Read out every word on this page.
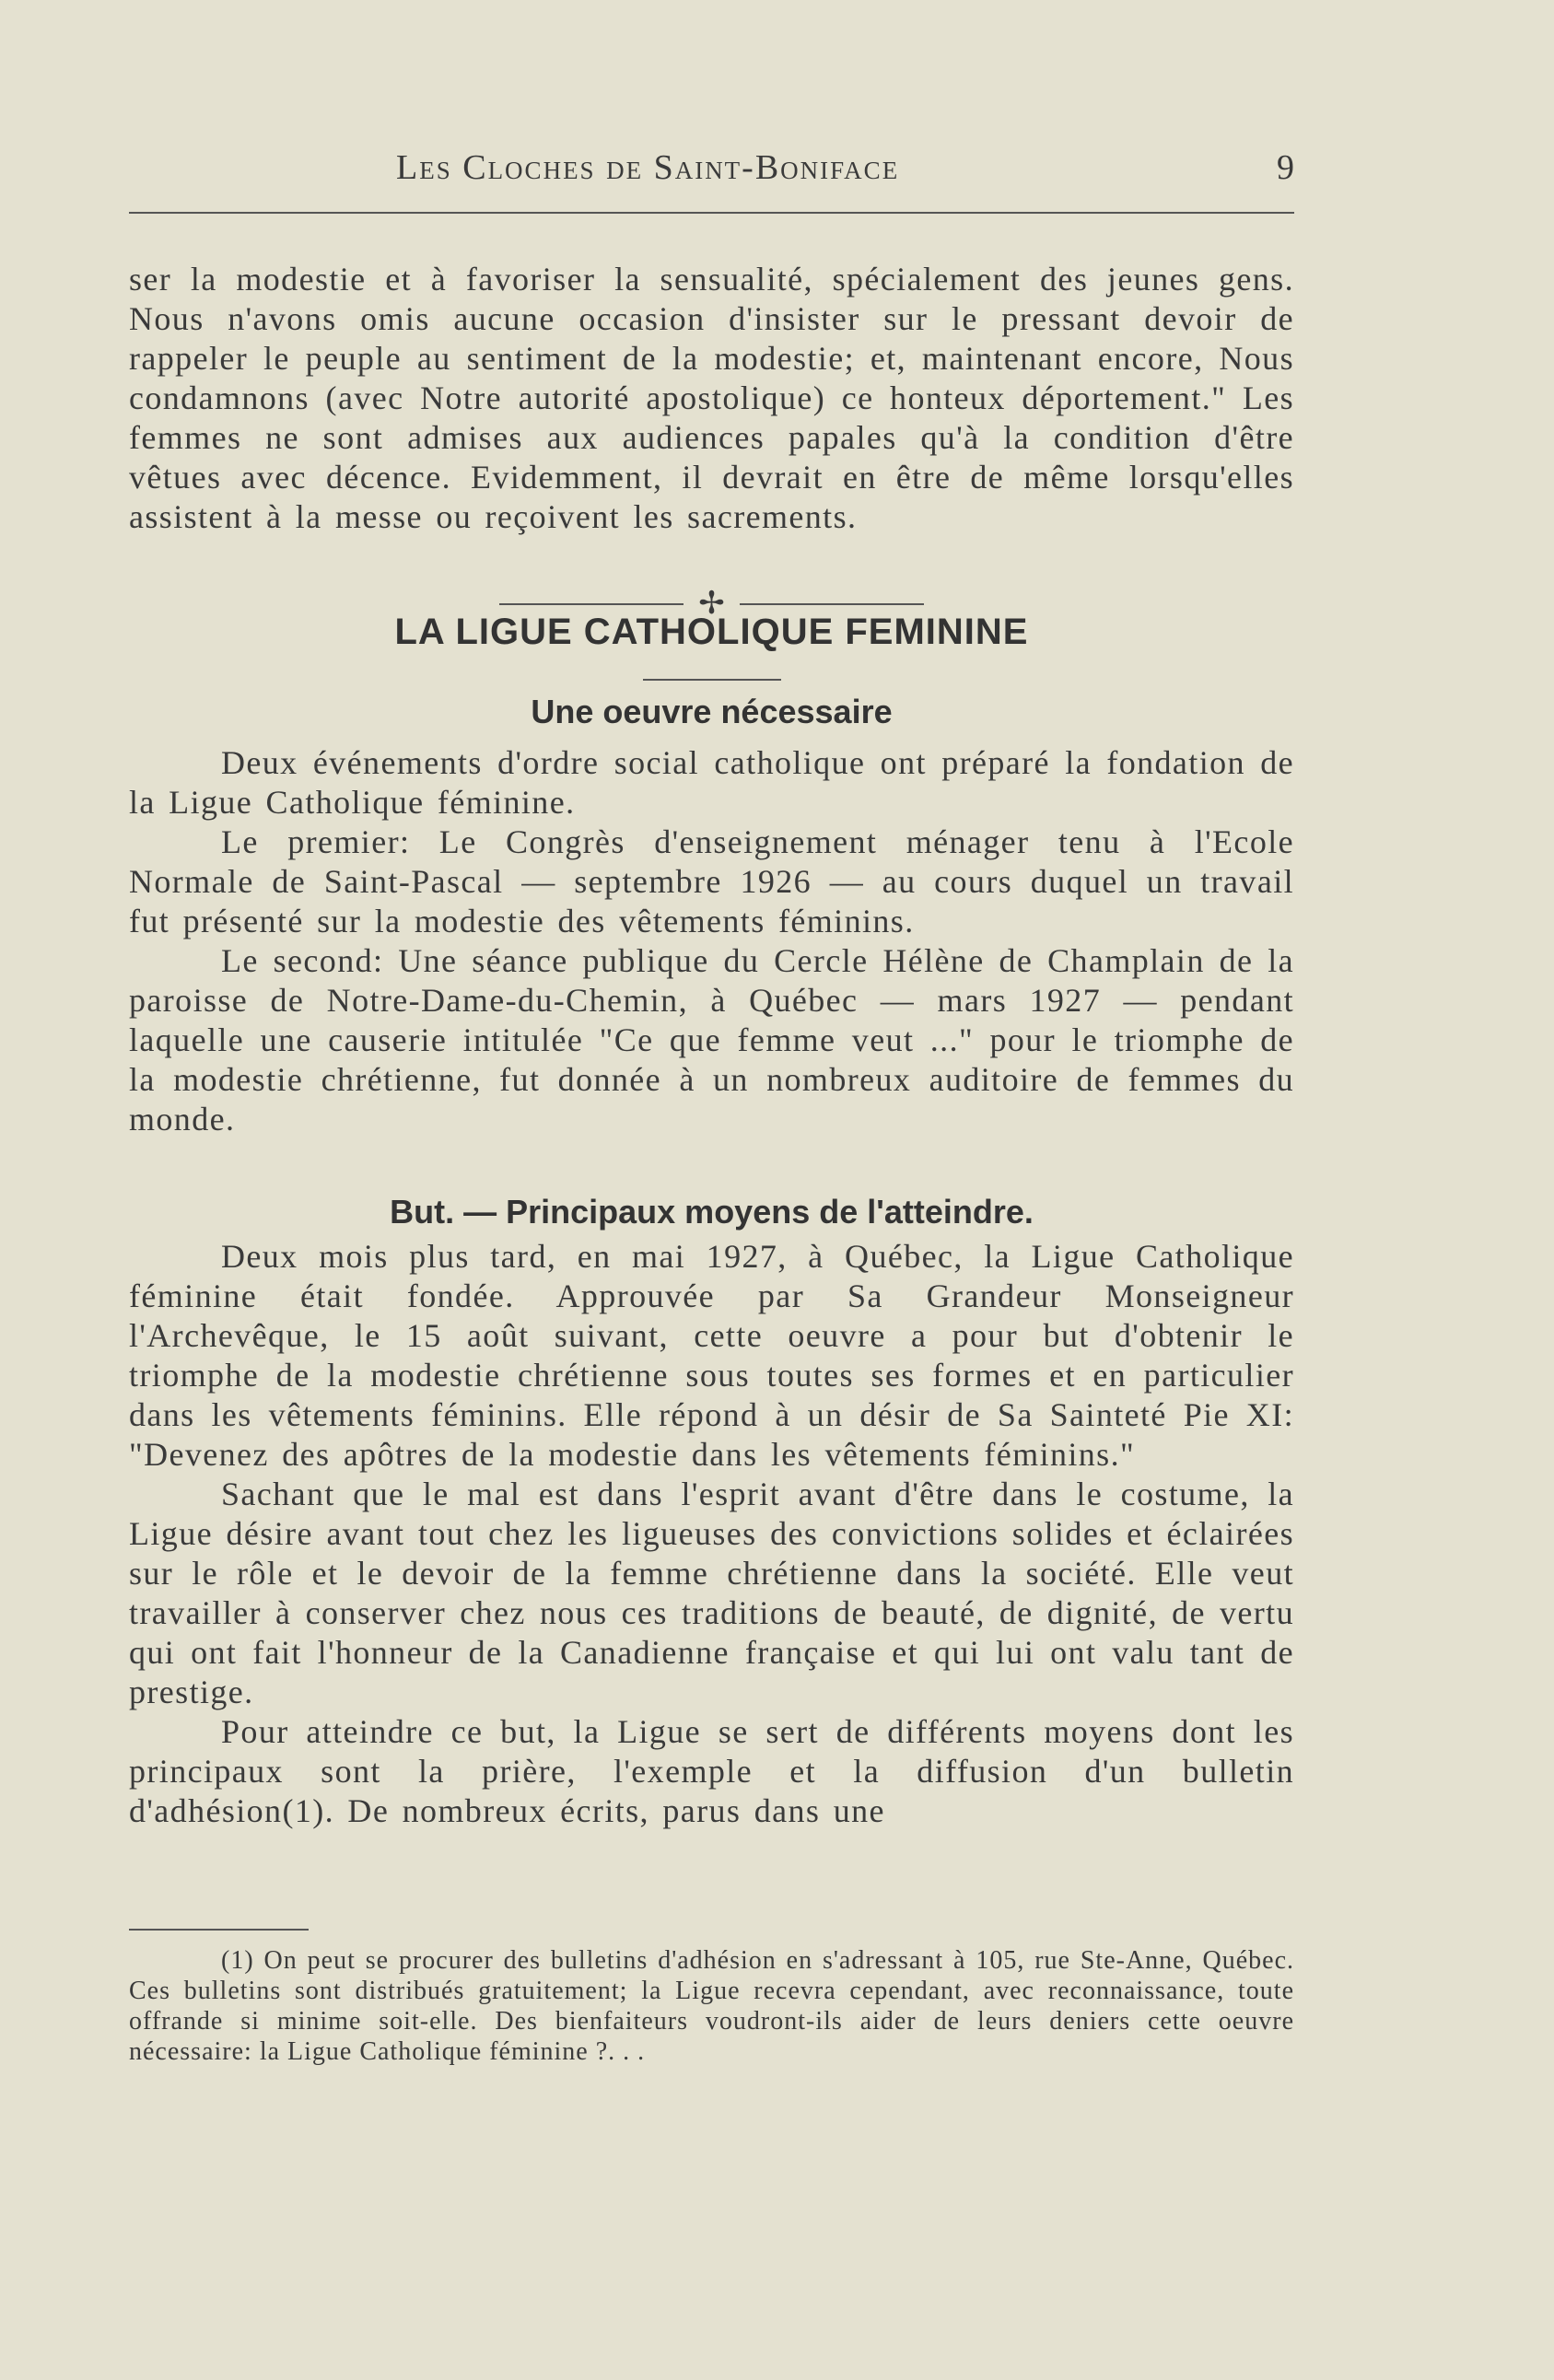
Les Cloches de Saint-Boniface	9

ser la modestie et à favoriser la sensualité, spécialement des jeunes gens. Nous n'avons omis aucune occasion d'insister sur le pressant devoir de rappeler le peuple au sentiment de la modestie; et, maintenant encore, Nous condamnons (avec Notre autorité apostolique) ce honteux déportement." Les femmes ne sont admises aux audiences papales qu'à la condition d'être vêtues avec décence. Evidemment, il devrait en être de même lorsqu'elles assistent à la messe ou reçoivent les sacrements.

✢
LA LIGUE CATHOLIQUE FEMININE
Une oeuvre nécessaire

Deux événements d'ordre social catholique ont préparé la fondation de la Ligue Catholique féminine.

Le premier: Le Congrès d'enseignement ménager tenu à l'Ecole Normale de Saint-Pascal — septembre 1926 — au cours duquel un travail fut présenté sur la modestie des vêtements féminins.

Le second: Une séance publique du Cercle Hélène de Champlain de la paroisse de Notre-Dame-du-Chemin, à Québec — mars 1927 — pendant laquelle une causerie intitulée "Ce que femme veut ..." pour le triomphe de la modestie chrétienne, fut donnée à un nombreux auditoire de femmes du monde.

But. — Principaux moyens de l'atteindre.

Deux mois plus tard, en mai 1927, à Québec, la Ligue Catholique féminine était fondée. Approuvée par Sa Grandeur Monseigneur l'Archevêque, le 15 août suivant, cette oeuvre a pour but d'obtenir le triomphe de la modestie chrétienne sous toutes ses formes et en particulier dans les vêtements féminins. Elle répond à un désir de Sa Sainteté Pie XI: "Devenez des apôtres de la modestie dans les vêtements féminins."

Sachant que le mal est dans l'esprit avant d'être dans le costume, la Ligue désire avant tout chez les ligueuses des convictions solides et éclairées sur le rôle et le devoir de la femme chrétienne dans la société. Elle veut travailler à conserver chez nous ces traditions de beauté, de dignité, de vertu qui ont fait l'honneur de la Canadienne française et qui lui ont valu tant de prestige.

Pour atteindre ce but, la Ligue se sert de différents moyens dont les principaux sont la prière, l'exemple et la diffusion d'un bulletin d'adhésion(1). De nombreux écrits, parus dans une

(1) On peut se procurer des bulletins d'adhésion en s'adressant à 105, rue Ste-Anne, Québec. Ces bulletins sont distribués gratuitement; la Ligue recevra cependant, avec reconnaissance, toute offrande si minime soit-elle. Des bienfaiteurs voudront-ils aider de leurs deniers cette oeuvre nécessaire: la Ligue Catholique féminine ?. . .
